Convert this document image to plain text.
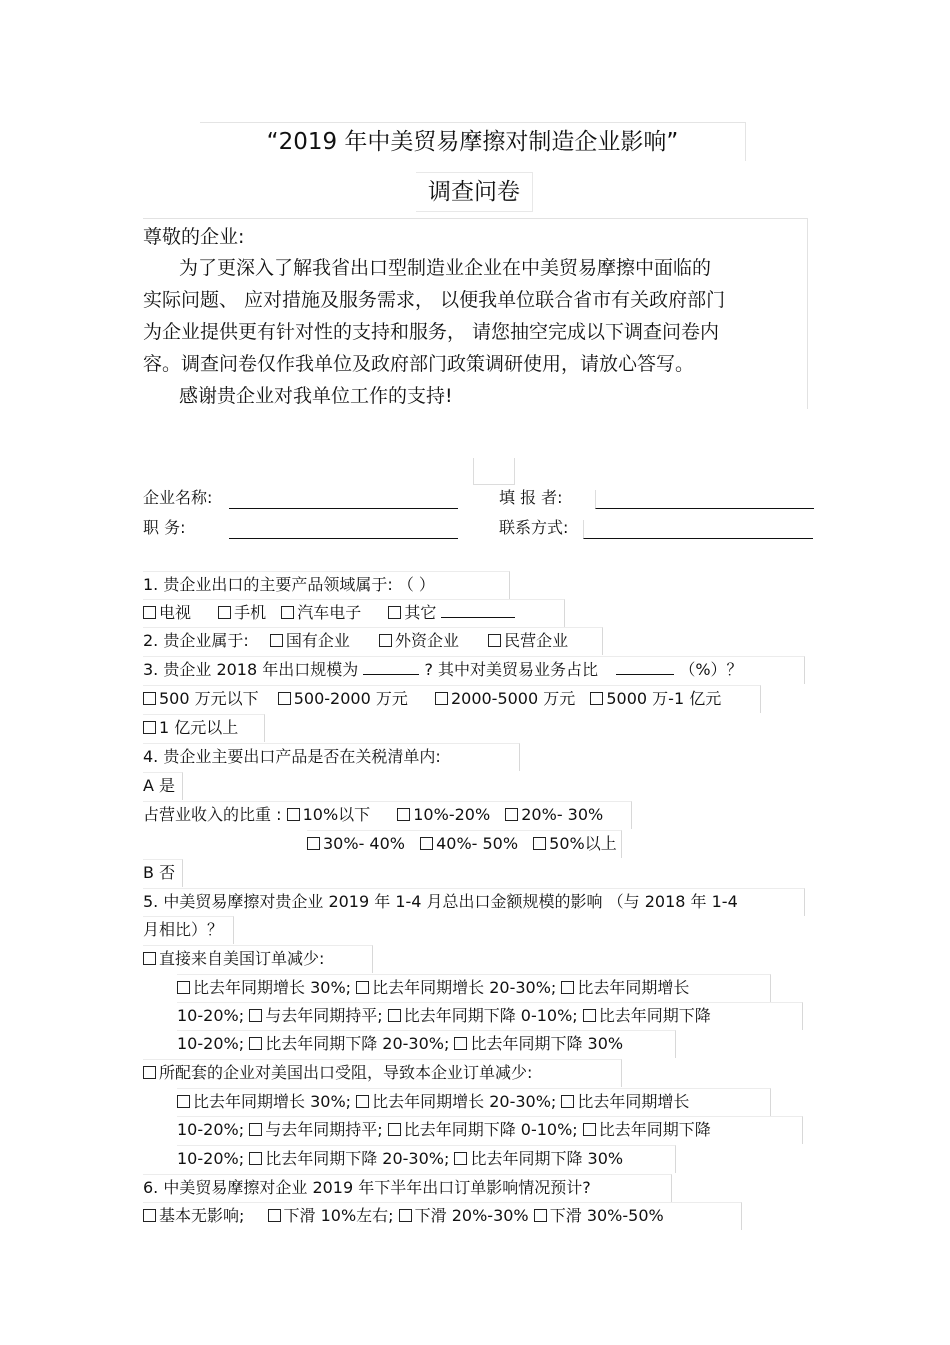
“2019 年中美贸易摩擦对制造企业影响”
调查问卷
尊敬的企业:
为了更深入了解我省出口型制造业企业在中美贸易摩擦中面临的
实际问题、 应对措施及服务需求， 以便我单位联合省市有关政府部门
为企业提供更有针对性的支持和服务， 请您抽空完成以下调查问卷内
容。调查问卷仅作我单位及政府部门政策调研使用，请放心答写。
感谢贵企业对我单位工作的支持!
企业名称:	填 报 者:
职 务:	联系方式:
1. 贵企业出口的主要产品领域属于: （ ）
电视	手机 汽车电子	其它
2. 贵企业属于: 国有企业	外资企业	民营企业
3. 贵企业 2018 年出口规模为	? 其中对美贸易业务占比	（%）？
500 万元以下 500-2000 万元	2000-5000 万元 5000 万-1 亿元
1 亿元以上
4. 贵企业主要出口产品是否在关税清单内:
A 是
占营业收入的比重 : 10%以下	10%-20% 20%- 30%
30%- 40% 40%- 50% 50%以上
B 否
5. 中美贸易摩擦对贵企业 2019 年 1-4 月总出口金额规模的影响 （与 2018 年 1-4
月相比）？
直接来自美国订单减少:
比去年同期增长 30%; 比去年同期增长 20-30%; 比去年同期增长
10-20%; 与去年同期持平; 比去年同期下降 0-10%; 比去年同期下降
10-20%; 比去年同期下降 20-30%; 比去年同期下降 30%
所配套的企业对美国出口受阻，导致本企业订单减少:
比去年同期增长 30%; 比去年同期增长 20-30%; 比去年同期增长
10-20%; 与去年同期持平; 比去年同期下降 0-10%; 比去年同期下降
10-20%; 比去年同期下降 20-30%; 比去年同期下降 30%
6. 中美贸易摩擦对企业 2019 年下半年出口订单影响情况预计?
基本无影响; 下滑 10%左右; 下滑 20%-30% 下滑 30%-50%
